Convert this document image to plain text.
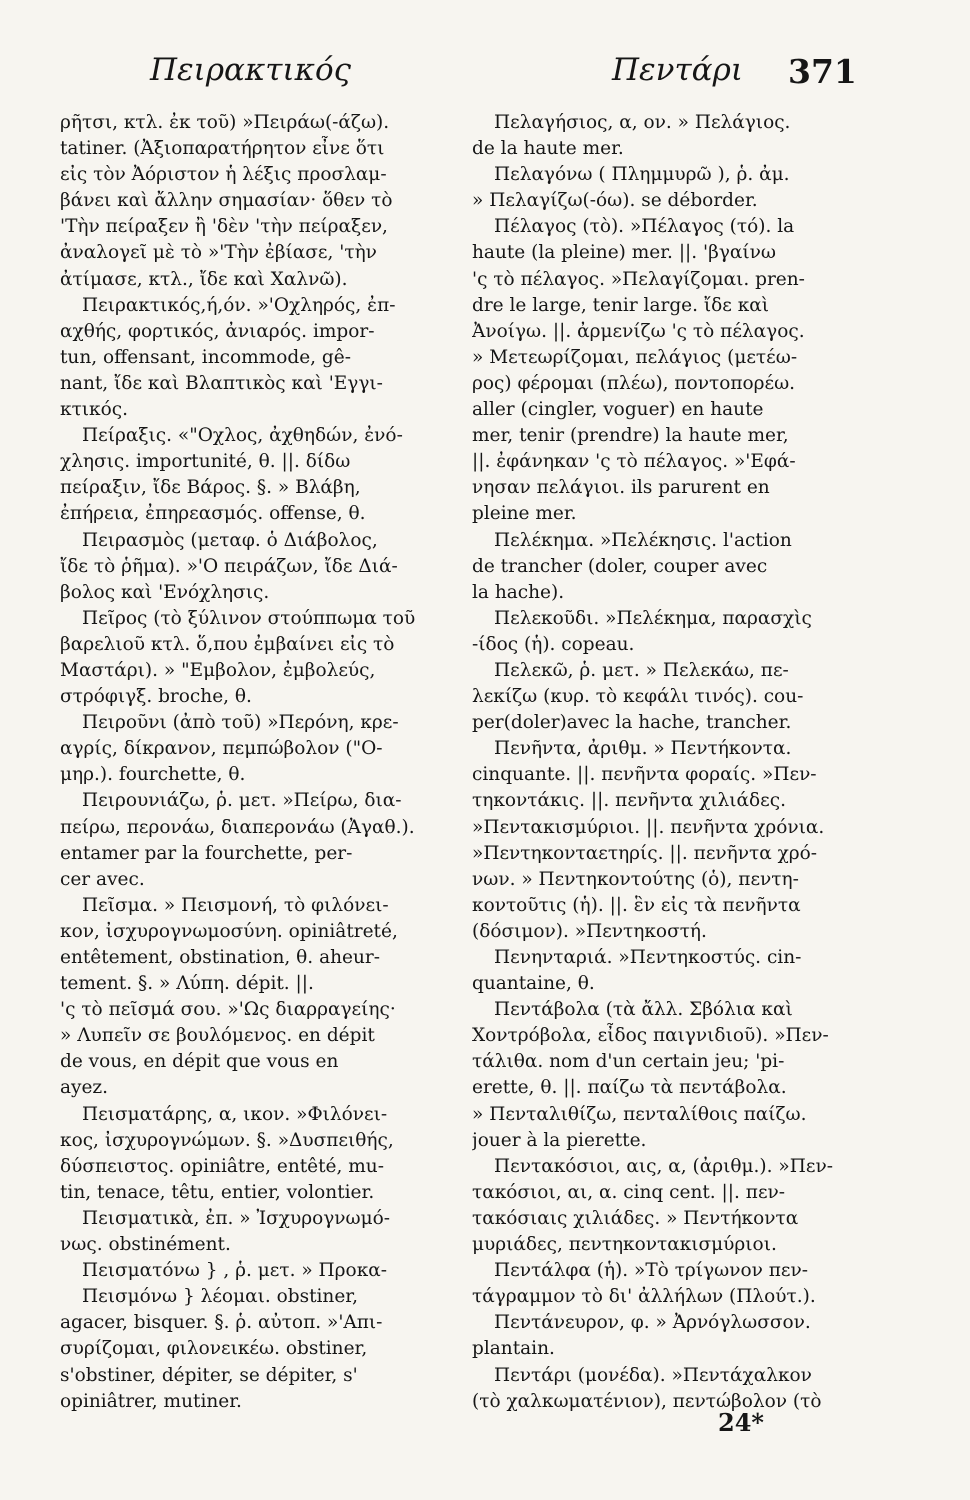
Πειρακτικός	Πεντάρι 371
ρῆτσι, κτλ. ἐκ τοῦ) »Πειράω(-άζω).
tatiner. (Ἀξιοπαρατήρητον εἶνε ὅτι
εἰς τὸν Ἀόριστον ἡ λέξις προσλαμ-
βάνει καὶ ἄλλην σημασίαν· ὅθεν τὸ
'Τὴν πείραξεν ἢ 'δὲν 'τὴν πείραξεν,
ἀναλογεῖ μὲ τὸ »'Τὴν ἐβίασε, 'τὴν
ἀτίμασε, κτλ., ἴδε καὶ Χαλνῶ).
Πειρακτικός,ή,όν. »'Οχληρός, ἐπ-
αχθής, φορτικός, ἀνιαρός. impor-
tun, offensant, incommode, gê-
nant, ἴδε καὶ Βλαπτικὸς καὶ 'Εγγι-
κτικός.
Πείραξις. «"Οχλος, ἀχθηδών, ἐνό-
χλησις. importunité, θ. ||. δίδω
πείραξιν, ἴδε Βάρος. §. » Βλάβη,
ἐπήρεια, ἐπηρεασμός. offense, θ.
Πειρασμὸς (μεταφ. ὁ Διάβολος,
ἴδε τὸ ῥῆμα). »'Ο πειράζων, ἴδε Διά-
βολος καὶ 'Ενόχλησις.
Πεῖρος (τὸ ξύλινον στούππωμα τοῦ
βαρελιοῦ κτλ. ὅ,που ἐμβαίνει εἰς τὸ
Μαστάρι). » "Εμβολον, ἐμβολεύς,
στρόφιγξ. broche, θ.
Πειροῦνι (ἀπὸ τοῦ) »Περόνη, κρε-
αγρίς, δίκρανον, πεμπώβολον ("Ο-
μηρ.). fourchette, θ.
Πειρουνιάζω, ῥ. μετ. »Πείρω, δια-
πείρω, περονάω, διαπερονάω (Ἀγαθ.).
entamer par la fourchette, per-
cer avec.
Πεῖσμα. » Πεισμονή, τὸ φιλόνει-
κον, ἰσχυρογνωμοσύνη. opiniâtreté,
entêtement, obstination, θ. aheur-
tement. §. » Λύπη. dépit. ||.
'ς τὸ πεῖσμά σου. »'Ως διαρραγείης·
» Λυπεῖν σε βουλόμενος. en dépit
de vous, en dépit que vous en
ayez.
Πεισματάρης, α, ικον. »Φιλόνει-
κος, ἰσχυρογνώμων. §. »Δυσπειθής,
δύσπειστος. opiniâtre, entêté, mu-
tin, tenace, têtu, entier, volontier.
Πεισματικὰ, ἐπ. » Ἰσχυρογνωμό-
νως. obstinément.
Πεισματόνω } , ῥ. μετ. » Προκα-
Πεισμόνω } λέομαι. obstiner,
agacer, bisquer. §. ῥ. αὐτοπ. »'Απι-
συρίζομαι, φιλονεικέω. obstiner,
s'obstiner, dépiter, se dépiter, s'
opiniâtrer, mutiner.
Πελαγήσιος, α, ον. » Πελάγιος.
de la haute mer.
Πελαγόνω ( Πλημμυρῶ ), ῥ. ἀμ.
» Πελαγίζω(-όω). se déborder.
Πέλαγος (τὸ). »Πέλαγος (τό). la
haute (la pleine) mer. ||. 'βγαίνω
'ς τὸ πέλαγος. »Πελαγίζομαι. pren-
dre le large, tenir large. ἴδε καὶ
Ἀνοίγω. ||. ἀρμενίζω 'ς τὸ πέλαγος.
» Μετεωρίζομαι, πελάγιος (μετέω-
ρος) φέρομαι (πλέω), ποντοπορέω.
aller (cingler, voguer) en haute
mer, tenir (prendre) la haute mer,
||. ἐφάνηκαν 'ς τὸ πέλαγος. »'Εφά-
νησαν πελάγιοι. ils parurent en
pleine mer.
Πελέκημα. »Πελέκησις. l'action
de trancher (doler, couper avec
la hache).
Πελεκοῦδι. »Πελέκημα, παρασχὶς
-ίδος (ἡ). copeau.
Πελεκῶ, ῥ. μετ. » Πελεκάω, πε-
λεκίζω (κυρ. τὸ κεφάλι τινός). cou-
per(doler)avec la hache, trancher.
Πενῆντα, ἀριθμ. » Πεντήκοντα.
cinquante. ||. πενῆντα φοραίς. »Πεν-
τηκοντάκις. ||. πενῆντα χιλιάδες.
»Πεντακισμύριοι. ||. πενῆντα χρόνια.
»Πεντηκονταετηρίς. ||. πενῆντα χρό-
νων. » Πεντηκοντούτης (ὁ), πεντη-
κοντοῦτις (ἡ). ||. ἓν εἰς τὰ πενῆντα
(δόσιμον). »Πεντηκοστή.
Πενηνταριά. »Πεντηκοστύς. cin-
quantaine, θ.
Πεντάβολα (τὰ ἄλλ. Σβόλια καὶ
Χοντρόβολα, εἶδος παιγνιδιοῦ). »Πεν-
τάλιθα. nom d'un certain jeu; 'pi-
erette, θ. ||. παίζω τὰ πεντάβολα.
» Πενταλιθίζω, πενταλίθοις παίζω.
jouer à la pierette.
Πεντακόσιοι, αις, α, (ἀριθμ.). »Πεν-
τακόσιοι, αι, α. cinq cent. ||. πεν-
τακόσιαις χιλιάδες. » Πεντήκοντα
μυριάδες, πεντηκοντακισμύριοι.
Πεντάλφα (ἡ). »Τὸ τρίγωνον πεν-
τάγραμμον τὸ δι' ἀλλήλων (Πλούτ.).
Πεντάνευρον, φ. » Ἀρνόγλωσσον.
plantain.
Πεντάρι (μονέδα). »Πεντάχαλκον
(τὸ χαλκωματένιον), πεντώβολον (τὸ
24*
